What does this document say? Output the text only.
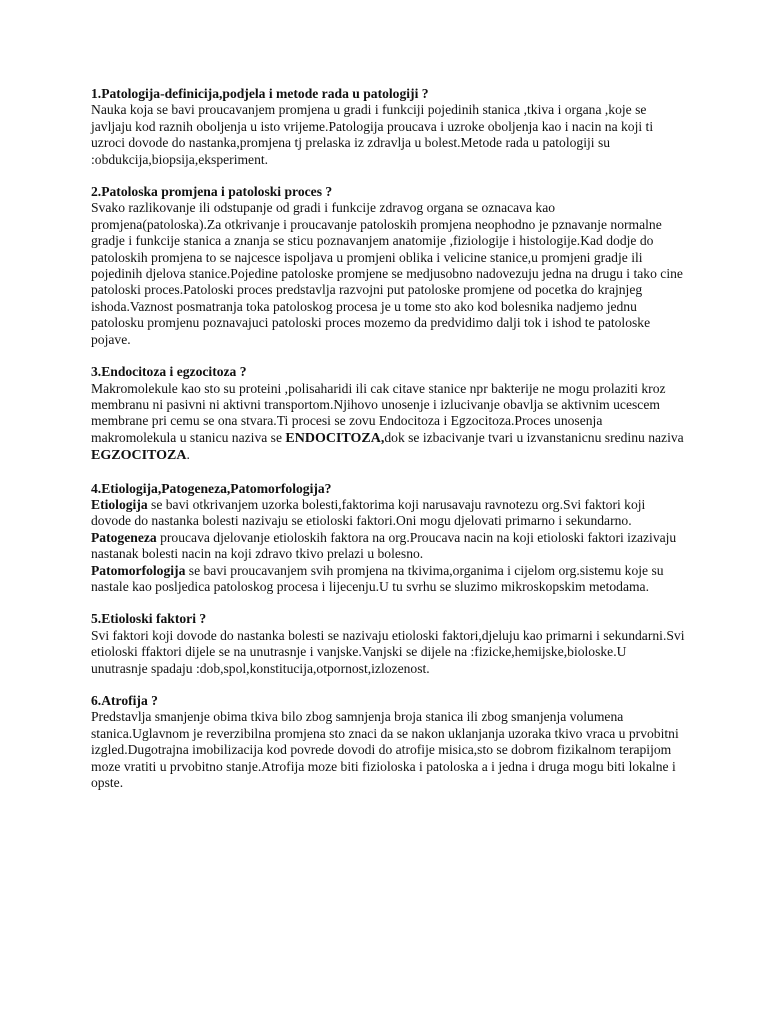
1.Patologija-definicija,podjela i metode rada u patologiji ?

Nauka koja se bavi proucavanjem promjena u gradi i funkciji pojedinih stanica ,tkiva i organa ,koje se javljaju kod raznih oboljenja u isto vrijeme.Patologija proucava i uzroke oboljenja kao i nacin na koji ti uzroci dovode do nastanka,promjena tj prelaska iz zdravlja u bolest.Metode rada u patologiji su :obdukcija,biopsija,eksperiment.

2.Patoloska promjena i patoloski proces ?

Svako razlikovanje ili odstupanje od gradi i funkcije zdravog organa se oznacava kao promjena(patoloska).Za otkrivanje i proucavanje patoloskih promjena neophodno je pznavanje normalne gradje i funkcije stanica a znanja se sticu poznavanjem anatomije ,fiziologije i histologije.Kad dodje do patoloskih promjena to se najcesce ispoljava u promjeni oblika i velicine stanice,u promjeni gradje ili pojedinih djelova stanice.Pojedine patoloske promjene se medjusobno nadovezuju jedna na drugu i tako cine patoloski proces.Patoloski proces predstavlja razvojni put patoloske promjene od pocetka do krajnjeg ishoda.Vaznost posmatranja toka patoloskog procesa je u tome sto ako kod bolesnika nadjemo jednu patolosku promjenu poznavajuci patoloski proces mozemo da predvidimo dalji tok i ishod te patoloske pojave.

3.Endocitoza i egzocitoza ?

Makromolekule kao sto su proteini ,polisaharidi ili cak citave stanice npr bakterije ne mogu prolaziti kroz membranu ni pasivni ni aktivni transportom.Njihovo unosenje i izlucivanje obavlja se aktivnim ucescem membrane pri cemu se ona stvara.Ti procesi se zovu Endocitoza i Egzocitoza.Proces unosenja makromolekula u stanicu naziva se ENDOCITOZA,dok se izbacivanje tvari u izvanstanicnu sredinu naziva EGZOCITOZA.

4.Etiologija,Patogeneza,Patomorfologija?

Etiologija se bavi otkrivanjem uzorka bolesti,faktorima koji narusavaju ravnotezu org.Svi faktori koji dovode do nastanka bolesti nazivaju se etioloski faktori.Oni mogu djelovati primarno i sekundarno.

Patogeneza proucava djelovanje etioloskih faktora na org.Proucava nacin na koji etioloski faktori izazivaju nastanak bolesti nacin na koji zdravo tkivo prelazi u bolesno.

Patomorfologija se bavi proucavanjem svih promjena na tkivima,organima i cijelom org.sistemu koje su nastale kao posljedica patoloskog procesa i lijecenju.U tu svrhu se sluzimo mikroskopskim metodama.

5.Etioloski faktori ?

Svi faktori koji dovode do nastanka bolesti se nazivaju etioloski faktori,djeluju kao primarni i sekundarni.Svi etioloski ffaktori dijele se na unutrasnje i vanjske.Vanjski se dijele na :fizicke,hemijske,bioloske.U unutrasnje spadaju :dob,spol,konstitucija,otpornost,izlozenost.

6.Atrofija ?

Predstavlja smanjenje obima tkiva bilo zbog samnjenja broja stanica ili zbog smanjenja volumena stanica.Uglavnom je reverzibilna promjena sto znaci da se nakon uklanjanja uzoraka tkivo vraca u prvobitni izgled.Dugotrajna imobilizacija kod povrede dovodi do atrofije misica,sto se dobrom fizikalnom terapijom moze vratiti u prvobitno stanje.Atrofija moze biti fizioloska i patoloska a i jedna i druga mogu biti lokalne i opste.
